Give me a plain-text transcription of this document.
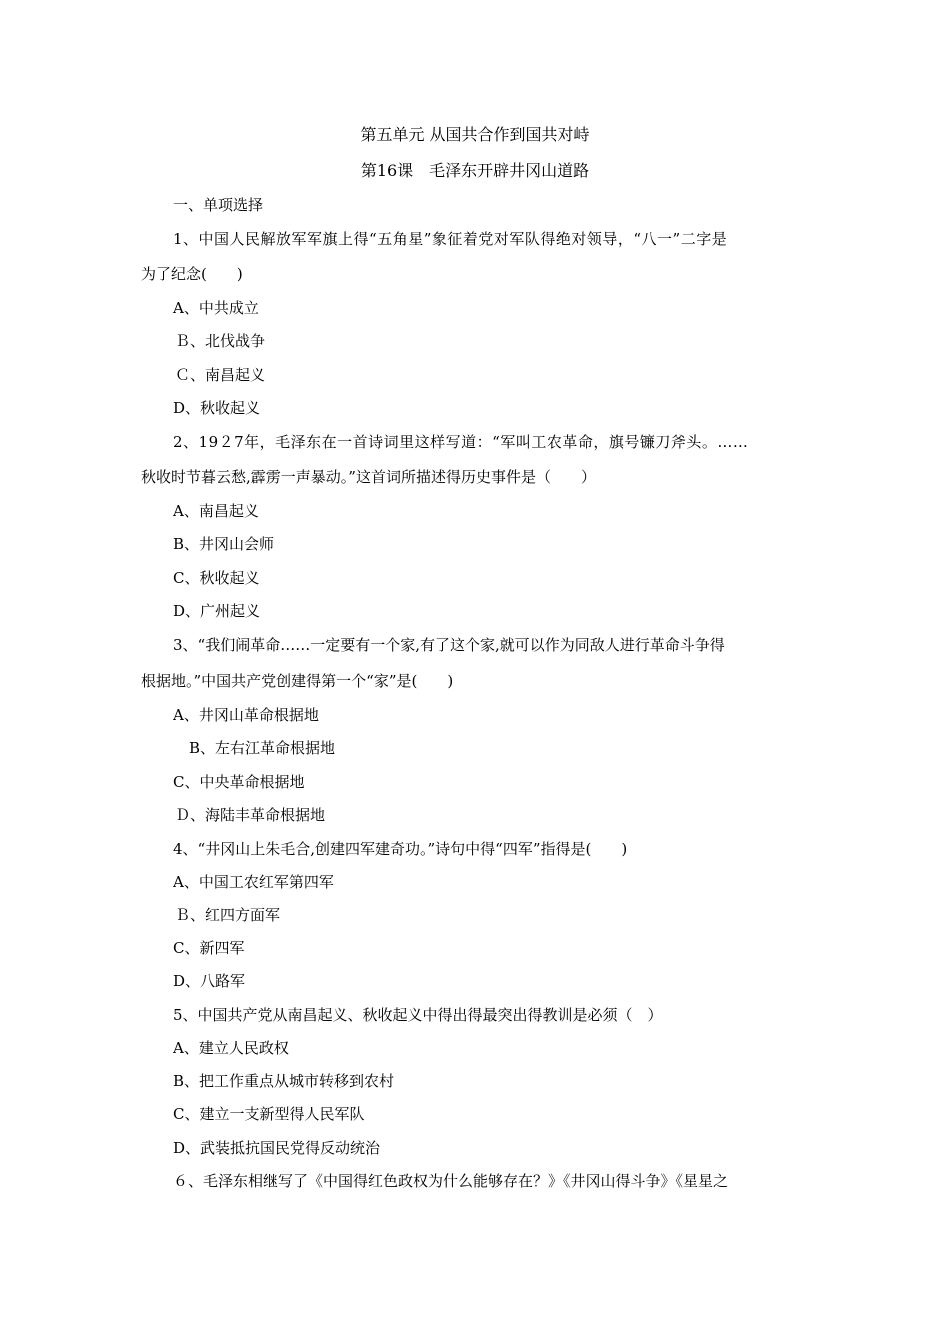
第五单元 从国共合作到国共对峙
第16课　毛泽东开辟井冈山道路
一、单项选择
1、中国人民解放军军旗上得“五角星”象征着党对军队得绝对领导，“八一”二字是
为了纪念(　　)
A、中共成立
Ｂ、北伐战争
Ｃ、南昌起义
D、秋收起义
2、19２7年，毛泽东在一首诗词里这样写道：“军叫工农革命，旗号镰刀斧头。……
秋收时节暮云愁,霹雳一声暴动。”这首词所描述得历史事件是（　　）
A、南昌起义
B、井冈山会师
C、秋收起义
D、广州起义
3、“我们闹革命……一定要有一个家,有了这个家,就可以作为同敌人进行革命斗争得
根据地。”中国共产党创建得第一个“家”是(　　)
A、井冈山革命根据地
B、左右江革命根据地
C、中央革命根据地
Ｄ、海陆丰革命根据地
4、“井冈山上朱毛合,创建四军建奇功。”诗句中得“四军”指得是(　　)
A、中国工农红军第四军
Ｂ、红四方面军
C、新四军
D、八路军
5、中国共产党从南昌起义、秋收起义中得出得最突出得教训是必须（　）
A、建立人民政权
B、把工作重点从城市转移到农村
C、建立一支新型得人民军队
D、武装抵抗国民党得反动统治
６、毛泽东相继写了《中国得红色政权为什么能够存在？》《井冈山得斗争》《星星之
